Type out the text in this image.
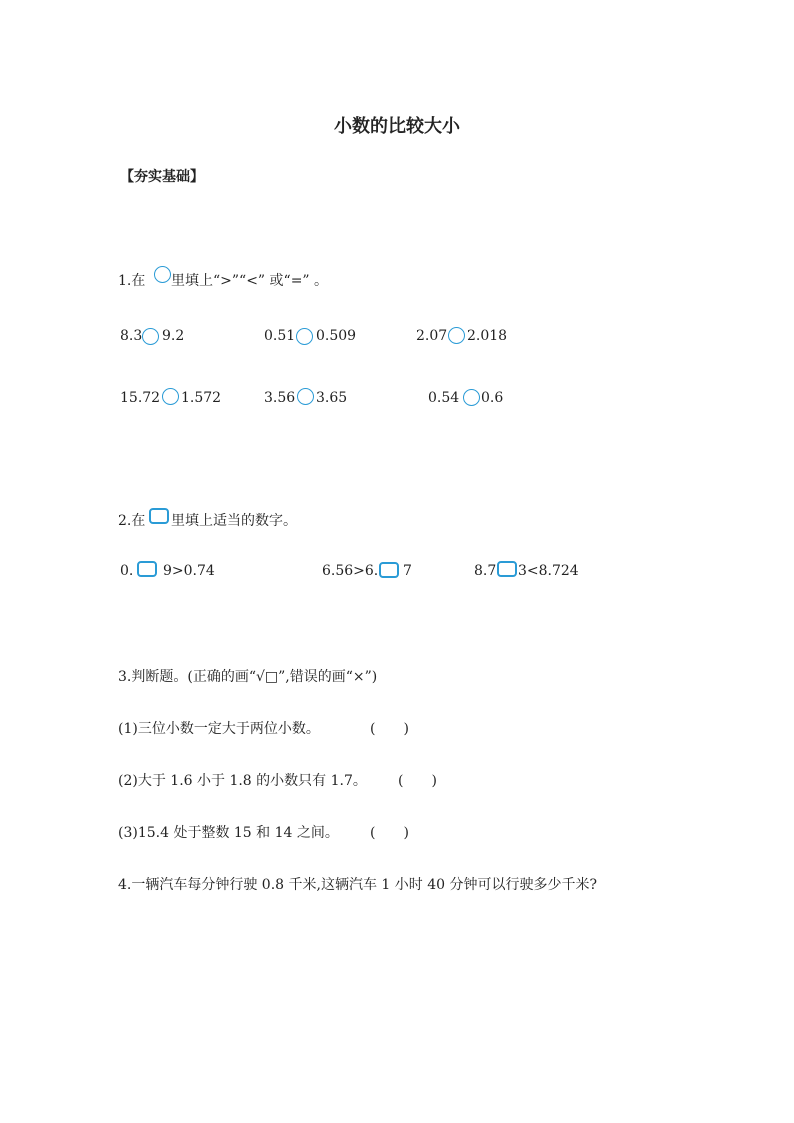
小数的比较大小
【夯实基础】
1.在 里填上“>”“<” 或“=” 。
8.3 9.2	0.51 0.509	2.07 2.018
15.72 1.572	3.56 3.65	0.54 0.6
2.在 里填上适当的数字。
0. 9>0.74	6.56>6. 7	8.7 3<8.724
3.判断题。(正确的画“√□”,错误的画“×”)
(1)三位小数一定大于两位小数。	(　　)
(2)大于 1.6 小于 1.8 的小数只有 1.7。 (　　)
(3)15.4 处于整数 15 和 14 之间。 (　　)
4.一辆汽车每分钟行驶 0.8 千米,这辆汽车 1 小时 40 分钟可以行驶多少千米?
